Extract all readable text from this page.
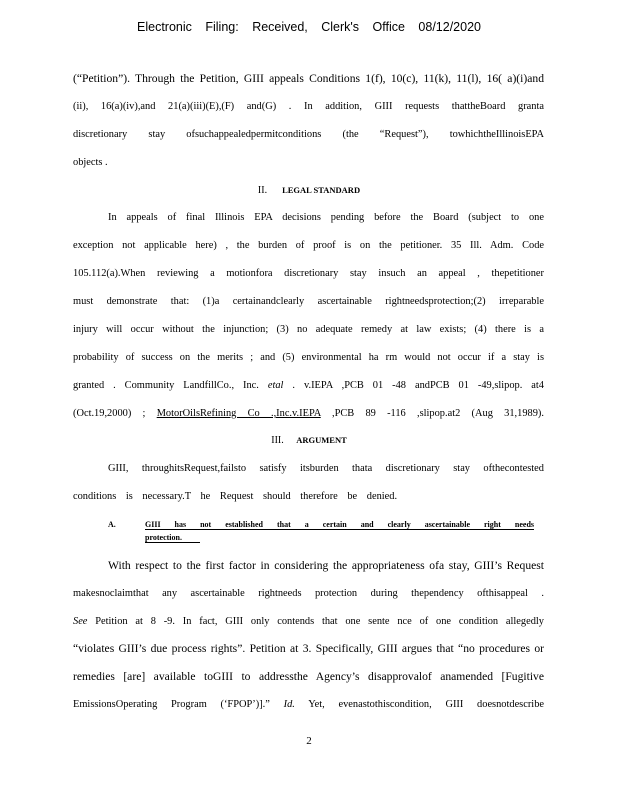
Electronic Filing: Received, Clerk's Office 08/12/2020
(“Petition”). Through the Petition, GIII appeals Conditions 1(f), 10(c), 11(k), 11(l), 16( a)(i)and
(ii), 16(a)(iv),and 21(a)(iii)(E),(F) and(G) . In addition, GIII requests thattheBoard granta
discretionary stay ofsuchappealedpermitconditions (the “Request”), towhichtheIllinoisEPA
objects .
II. LEGAL STANDARD
In appeals of final Illinois EPA decisions pending before the Board (subject to one
exception not applicable here) , the burden of proof is on the petitioner. 35 Ill. Adm. Code
105.112(a).When reviewing a motionfora discretionary stay insuch an appeal , thepetitioner
must demonstrate that: (1)a certainandclearly ascertainable rightneedsprotection;(2) irreparable
injury will occur without the injunction; (3) no adequate remedy at law exists; (4) there is a
probability of success on the merits ; and (5) environmental ha rm would not occur if a stay is
granted . Community LandfillCo., Inc. etal . v.IEPA ,PCB 01 -48 andPCB 01 -49,slipop. at4
(Oct.19,2000) ; MotorOilsRefining Co .,Inc.v.IEPA ,PCB 89 -116 ,slipop.at2 (Aug 31,1989).
III. ARGUMENT
GIII, throughitsRequest,failsto satisfy itsburden thata discretionary stay ofthecontested
conditions is necessary.T he Request should therefore be denied.
A.	GIII has not established that a certain and clearly ascertainable right needs
protection.
With respect to the first factor in considering the appropriateness ofa stay, GIII’s Request
makesnoclaimthat any ascertainable rightneeds protection during thependency ofthisappeal .
See Petition at 8 -9. In fact, GIII only contends that one sente nce of one condition allegedly
“violates GIII’s due process rights”. Petition at 3. Specifically, GIII argues that “no procedures or
remedies [are] available toGIII to addressthe Agency’s disapprovalof anamended [Fugitive
EmissionsOperating Program (‘FPOP’)].” Id. Yet, evenastothiscondition, GIII doesnotdescribe
2
